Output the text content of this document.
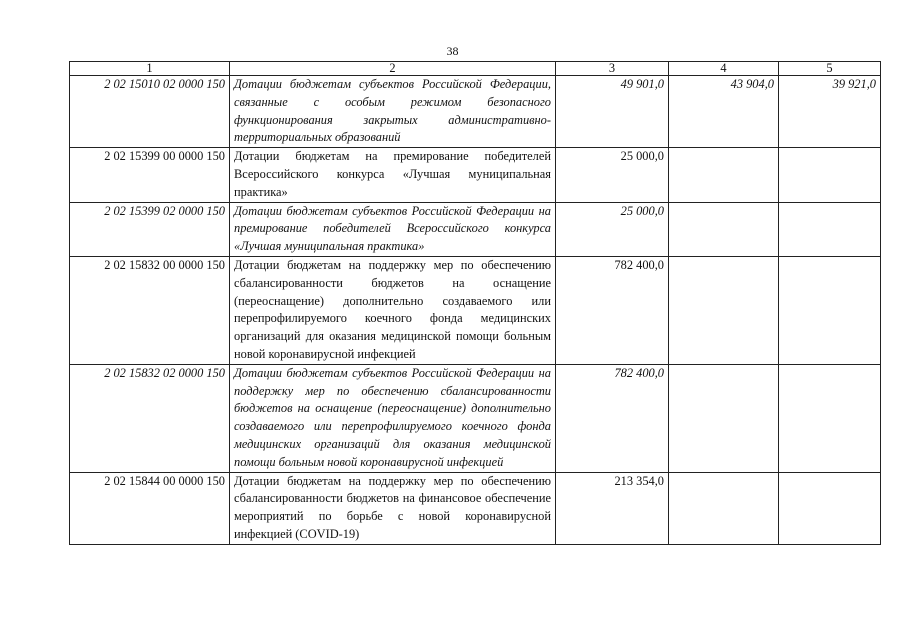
38
1	2	3	4	5
2 02 15010 02 0000 150	Дотации бюджетам субъектов Российской Федерации, связанные с особым режимом безопасного функционирования закрытых административно-территориальных образований	49 901,0	43 904,0	39 921,0
2 02 15399 00 0000 150	Дотации бюджетам на премирование победителей Всероссийского конкурса «Лучшая муниципальная практика»	25 000,0		
2 02 15399 02 0000 150	Дотации бюджетам субъектов Российской Федерации на премирование победителей Всероссийского конкурса «Лучшая муниципальная практика»	25 000,0		
2 02 15832 00 0000 150	Дотации бюджетам на поддержку мер по обеспечению сбалансированности бюджетов на оснащение (переоснащение) дополнительно создаваемого или перепрофилируемого коечного фонда медицинских организаций для оказания медицинской помощи больным новой коронавирусной инфекцией	782 400,0		
2 02 15832 02 0000 150	Дотации бюджетам субъектов Российской Федерации на поддержку мер по обеспечению сбалансированности бюджетов на оснащение (переоснащение) дополнительно создаваемого или перепрофилируемого коечного фонда медицинских организаций для оказания медицинской помощи больным новой коронавирусной инфекцией	782 400,0		
2 02 15844 00 0000 150	Дотации бюджетам на поддержку мер по обеспечению сбалансированности бюджетов на финансовое обеспечение мероприятий по борьбе с новой коронавирусной инфекцией (COVID-19)	213 354,0		
